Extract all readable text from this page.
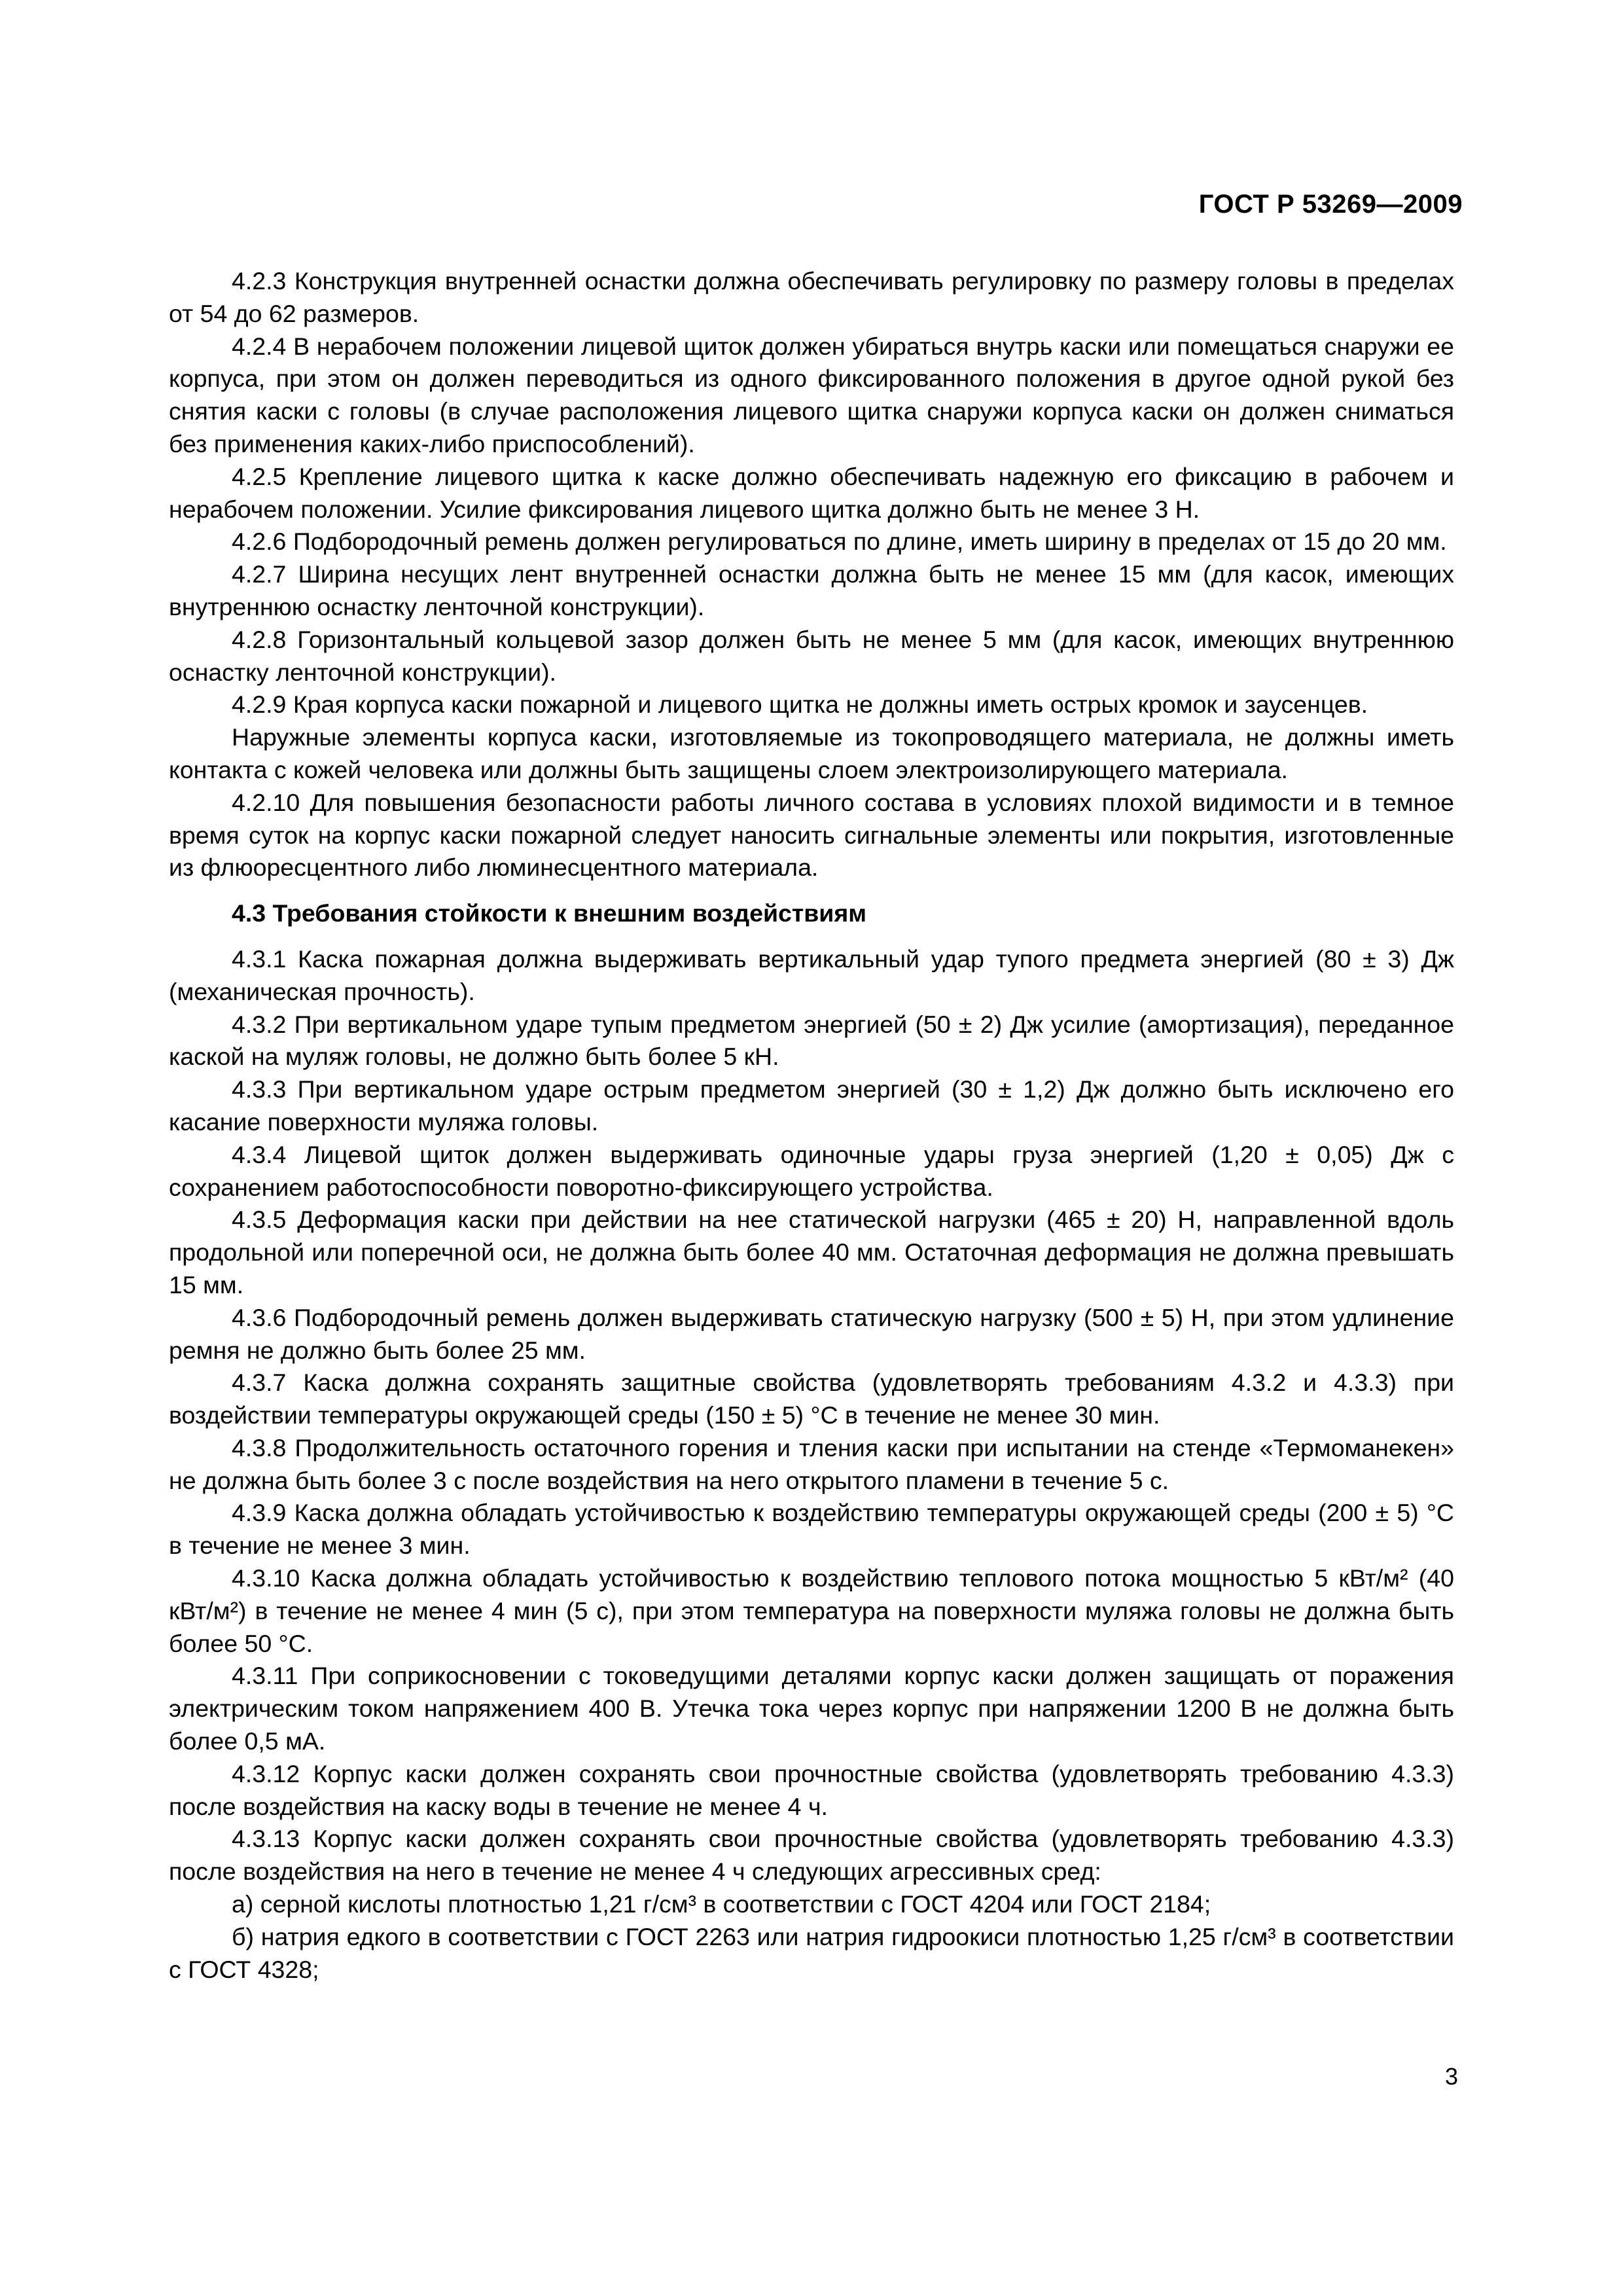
ГОСТ Р 53269—2009

4.2.3 Конструкция внутренней оснастки должна обеспечивать регулировку по размеру головы в пределах от 54 до 62 размеров.

4.2.4 В нерабочем положении лицевой щиток должен убираться внутрь каски или помещаться снаружи ее корпуса, при этом он должен переводиться из одного фиксированного положения в другое одной рукой без снятия каски с головы (в случае расположения лицевого щитка снаружи корпуса каски он должен сниматься без применения каких-либо приспособлений).

4.2.5 Крепление лицевого щитка к каске должно обеспечивать надежную его фиксацию в рабочем и нерабочем положении. Усилие фиксирования лицевого щитка должно быть не менее 3 Н.

4.2.6 Подбородочный ремень должен регулироваться по длине, иметь ширину в пределах от 15 до 20 мм.

4.2.7 Ширина несущих лент внутренней оснастки должна быть не менее 15 мм (для касок, имеющих внутреннюю оснастку ленточной конструкции).

4.2.8 Горизонтальный кольцевой зазор должен быть не менее 5 мм (для касок, имеющих внутреннюю оснастку ленточной конструкции).

4.2.9 Края корпуса каски пожарной и лицевого щитка не должны иметь острых кромок и заусенцев.

Наружные элементы корпуса каски, изготовляемые из токопроводящего материала, не должны иметь контакта с кожей человека или должны быть защищены слоем электроизолирующего материала.

4.2.10 Для повышения безопасности работы личного состава в условиях плохой видимости и в темное время суток на корпус каски пожарной следует наносить сигнальные элементы или покрытия, изготовленные из флюоресцентного либо люминесцентного материала.

4.3 Требования стойкости к внешним воздействиям

4.3.1 Каска пожарная должна выдерживать вертикальный удар тупого предмета энергией (80 ± 3) Дж (механическая прочность).

4.3.2 При вертикальном ударе тупым предметом энергией (50 ± 2) Дж усилие (амортизация), переданное каской на муляж головы, не должно быть более 5 кН.

4.3.3 При вертикальном ударе острым предметом энергией (30 ± 1,2) Дж должно быть исключено его касание поверхности муляжа головы.

4.3.4 Лицевой щиток должен выдерживать одиночные удары груза энергией (1,20 ± 0,05) Дж с сохранением работоспособности поворотно-фиксирующего устройства.

4.3.5 Деформация каски при действии на нее статической нагрузки (465 ± 20) Н, направленной вдоль продольной или поперечной оси, не должна быть более 40 мм. Остаточная деформация не должна превышать 15 мм.

4.3.6 Подбородочный ремень должен выдерживать статическую нагрузку (500 ± 5) Н, при этом удлинение ремня не должно быть более 25 мм.

4.3.7 Каска должна сохранять защитные свойства (удовлетворять требованиям 4.3.2 и 4.3.3) при воздействии температуры окружающей среды (150 ± 5) °С в течение не менее 30 мин.

4.3.8 Продолжительность остаточного горения и тления каски при испытании на стенде «Термоманекен» не должна быть более 3 с после воздействия на него открытого пламени в течение 5 с.

4.3.9 Каска должна обладать устойчивостью к воздействию температуры окружающей среды (200 ± 5) °С в течение не менее 3 мин.

4.3.10 Каска должна обладать устойчивостью к воздействию теплового потока мощностью 5 кВт/м² (40 кВт/м²) в течение не менее 4 мин (5 с), при этом температура на поверхности муляжа головы не должна быть более 50 °С.

4.3.11 При соприкосновении с токоведущими деталями корпус каски должен защищать от поражения электрическим током напряжением 400 В. Утечка тока через корпус при напряжении 1200 В не должна быть более 0,5 мА.

4.3.12 Корпус каски должен сохранять свои прочностные свойства (удовлетворять требованию 4.3.3) после воздействия на каску воды в течение не менее 4 ч.

4.3.13 Корпус каски должен сохранять свои прочностные свойства (удовлетворять требованию 4.3.3) после воздействия на него в течение не менее 4 ч следующих агрессивных сред:

а) серной кислоты плотностью 1,21 г/см³ в соответствии с ГОСТ 4204 или ГОСТ 2184;

б) натрия едкого в соответствии с ГОСТ 2263 или натрия гидроокиси плотностью 1,25 г/см³ в соответствии с ГОСТ 4328;

3
